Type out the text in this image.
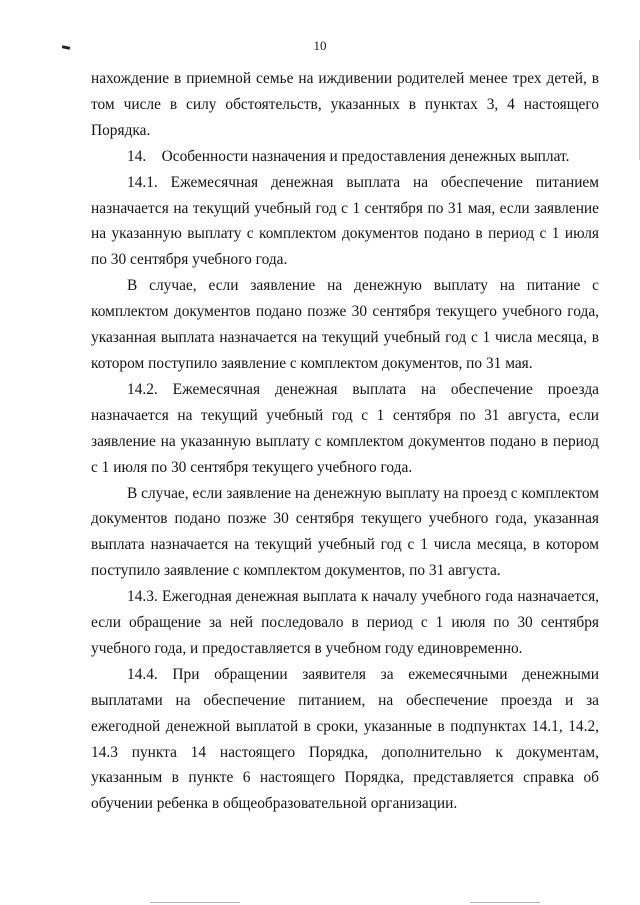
10

нахождение в приемной семье на иждивении родителей менее трех детей, в том числе в силу обстоятельств, указанных в пунктах 3, 4 настоящего Порядка.

14.    Особенности назначения и предоставления денежных выплат.

14.1. Ежемесячная денежная выплата на обеспечение питанием назначается на текущий учебный год с 1 сентября по 31 мая, если заявление на указанную выплату с комплектом документов подано в период с 1 июля по 30 сентября учебного года.

В случае, если заявление на денежную выплату на питание с комплектом документов подано позже 30 сентября текущего учебного года, указанная выплата назначается на текущий учебный год с 1 числа месяца, в котором поступило заявление с комплектом документов, по 31 мая.

14.2. Ежемесячная денежная выплата на обеспечение проезда назначается на текущий учебный год с 1 сентября по 31 августа, если заявление на указанную выплату с комплектом документов подано в период с 1 июля по 30 сентября текущего учебного года.

В случае, если заявление на денежную выплату на проезд с комплектом документов подано позже 30 сентября текущего учебного года, указанная выплата назначается на текущий учебный год с 1 числа месяца, в котором поступило заявление с комплектом документов, по 31 августа.

14.3. Ежегодная денежная выплата к началу учебного года назначается, если обращение за ней последовало в период с 1 июля по 30 сентября учебного года, и предоставляется в учебном году единовременно.

14.4. При обращении заявителя за ежемесячными денежными выплатами на обеспечение питанием, на обеспечение проезда и за ежегодной денежной выплатой в сроки, указанные в подпунктах 14.1, 14.2, 14.3 пункта 14 настоящего Порядка, дополнительно к документам, указанным в пункте 6 настоящего Порядка, представляется справка об обучении ребенка в общеобразовательной организации.
